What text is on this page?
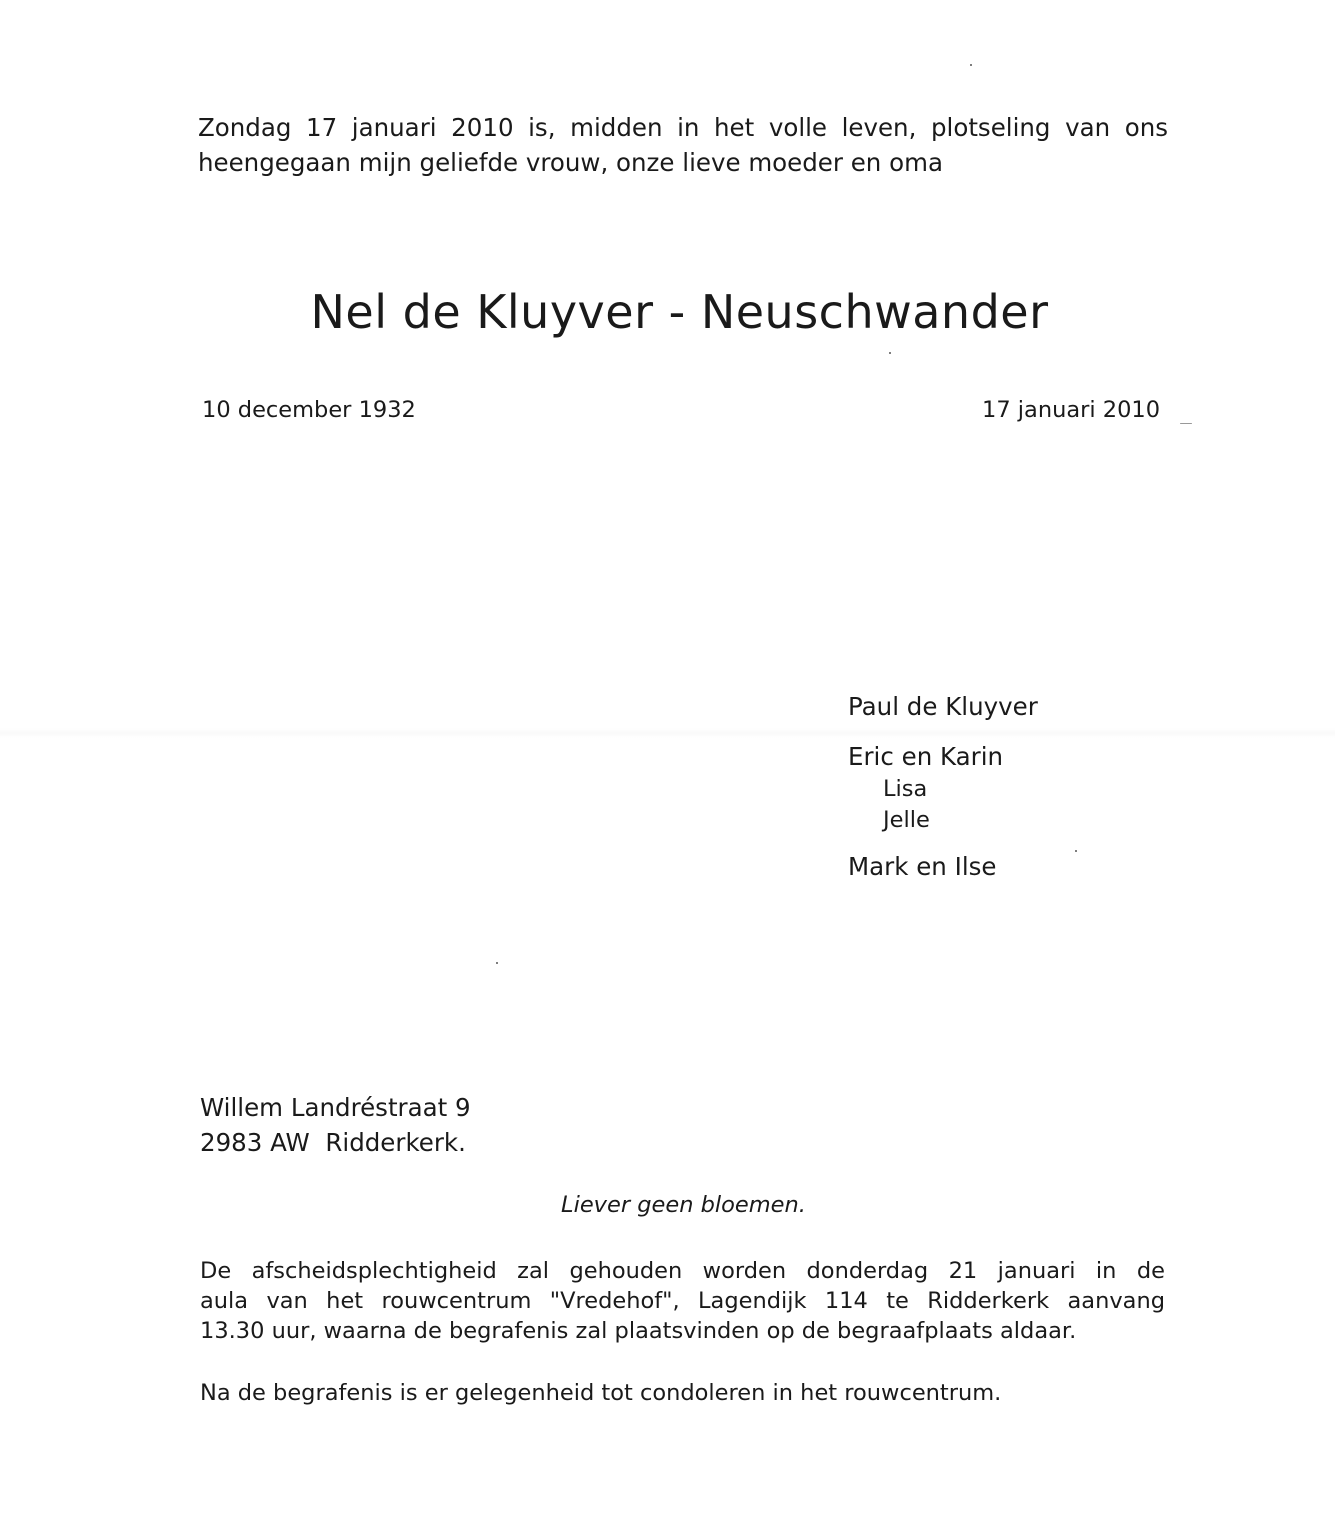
Zondag 17 januari 2010 is, midden in het volle leven, plotseling van ons
heengegaan mijn geliefde vrouw, onze lieve moeder en oma
Nel de Kluyver - Neuschwander
10 december 1932	17 januari 2010
Paul de Kluyver
Eric en Karin
Lisa
Jelle
Mark en Ilse
Willem Landréstraat 9
2983 AW  Ridderkerk.
Liever geen bloemen.
De afscheidsplechtigheid zal gehouden worden donderdag 21 januari in de
aula van het rouwcentrum "Vredehof", Lagendijk 114 te Ridderkerk aanvang
13.30 uur, waarna de begrafenis zal plaatsvinden op de begraafplaats aldaar.
Na de begrafenis is er gelegenheid tot condoleren in het rouwcentrum.
